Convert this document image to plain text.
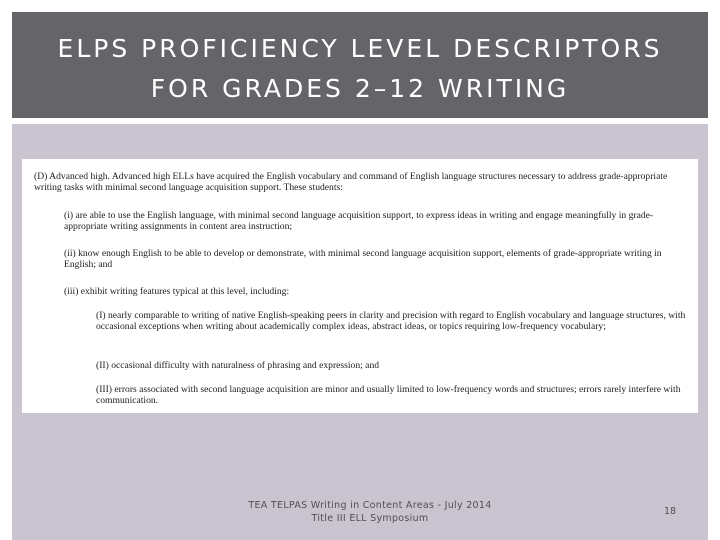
ELPS PROFICIENCY LEVEL DESCRIPTORS
FOR GRADES 2–12 WRITING
(D) Advanced high. Advanced high ELLs have acquired the English vocabulary and command of English language structures necessary to address grade-appropriate writing tasks with minimal second language acquisition support. These students:
(i) are able to use the English language, with minimal second language acquisition support, to express ideas in writing and engage meaningfully in grade-appropriate writing assignments in content area instruction;
(ii) know enough English to be able to develop or demonstrate, with minimal second language acquisition support, elements of grade-appropriate writing in English; and
(iii) exhibit writing features typical at this level, including:
(I) nearly comparable to writing of native English-speaking peers in clarity and precision with regard to English vocabulary and language structures, with occasional exceptions when writing about academically complex ideas, abstract ideas, or topics requiring low-frequency vocabulary;
(II) occasional difficulty with naturalness of phrasing and expression; and
(III) errors associated with second language acquisition are minor and usually limited to low-frequency words and structures; errors rarely interfere with communication.
TEA TELPAS Writing in Content Areas - July 2014
Title III ELL Symposium
18
